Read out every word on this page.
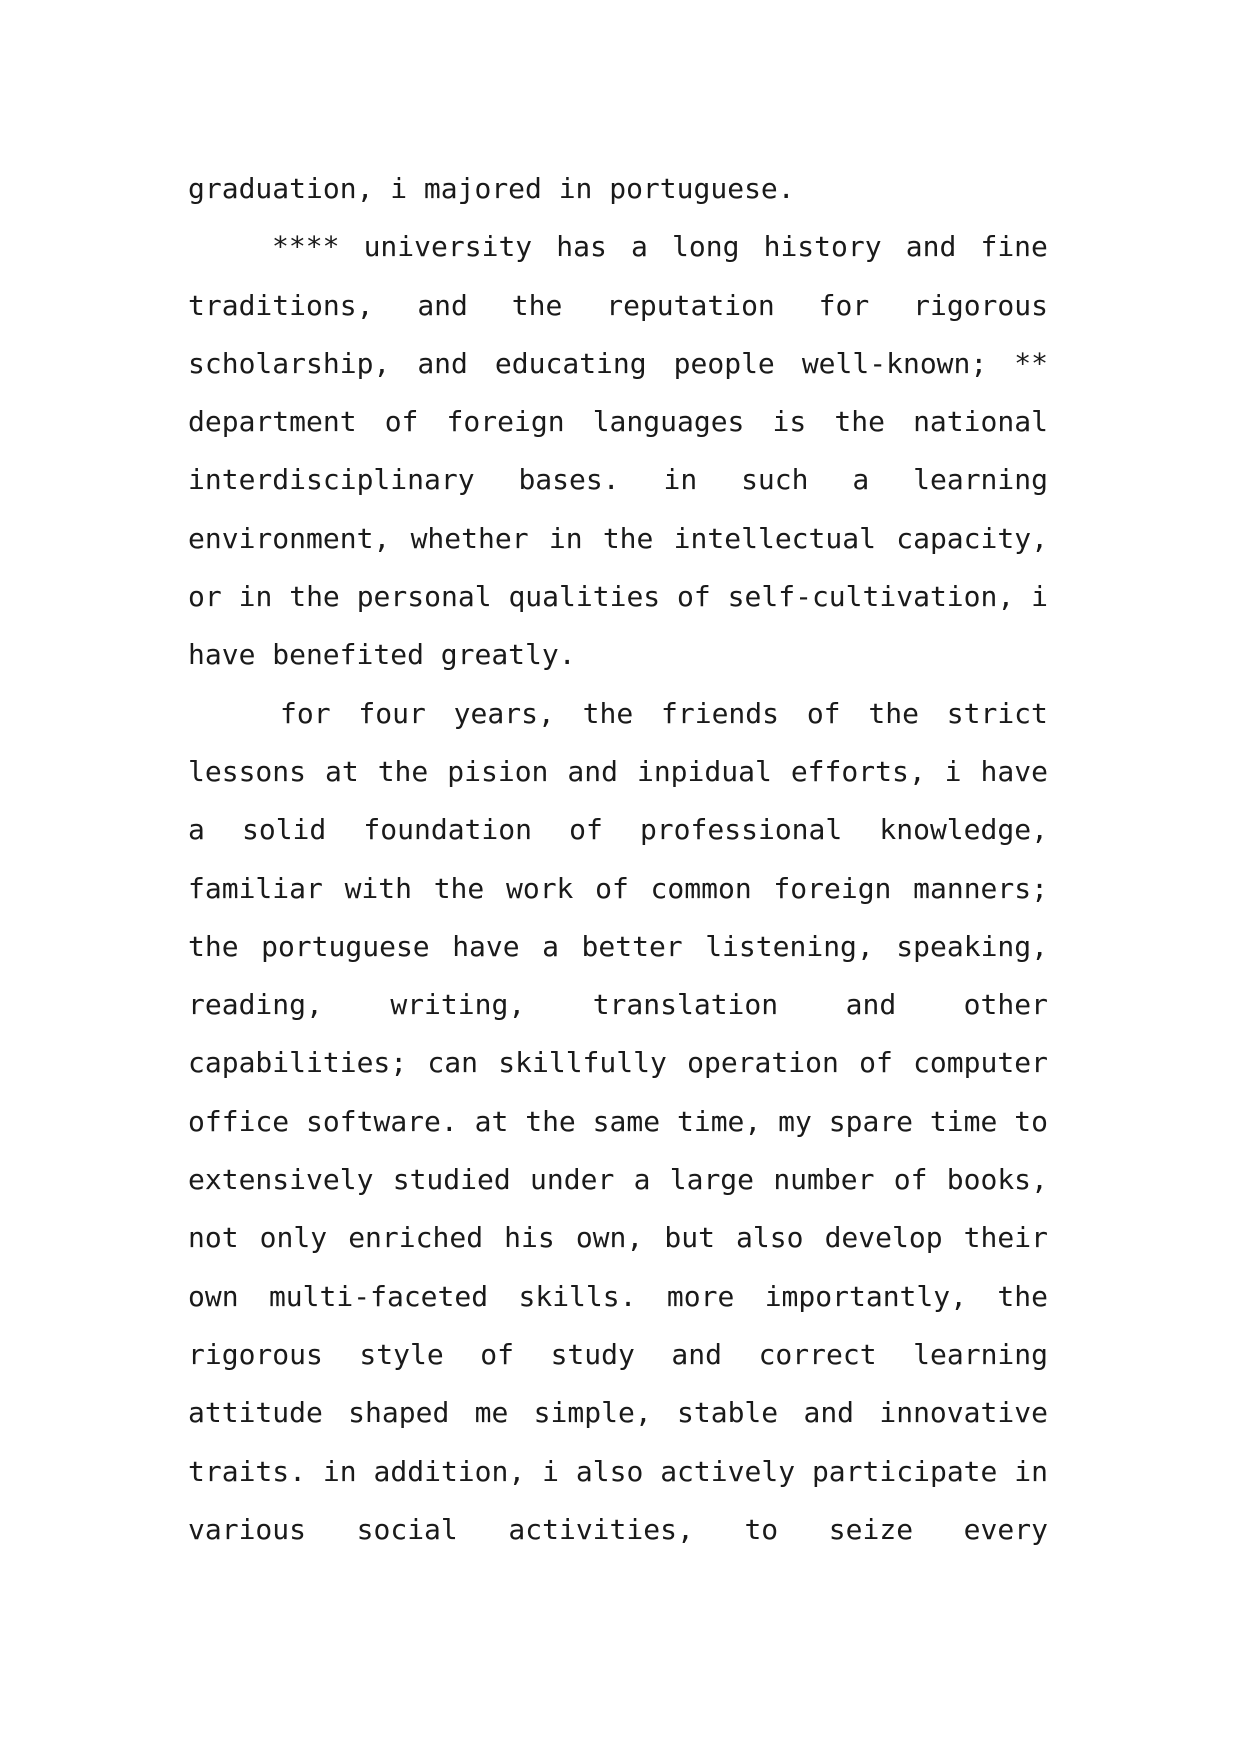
graduation, i majored in portuguese.
**** university has a long history and fine
traditions, and the reputation for rigorous
scholarship, and educating people well-known; **
department of foreign languages is the national
interdisciplinary bases. in such a learning
environment, whether in the intellectual capacity,
or in the personal qualities of self-cultivation, i
have benefited greatly.
for four years, the friends of the strict
lessons at the pision and inpidual efforts, i have
a solid foundation of professional knowledge,
familiar with the work of common foreign manners;
the portuguese have a better listening, speaking,
reading, writing, translation and other
capabilities; can skillfully operation of computer
office software. at the same time, my spare time to
extensively studied under a large number of books,
not only enriched his own, but also develop their
own multi-faceted skills. more importantly, the
rigorous style of study and correct learning
attitude shaped me simple, stable and innovative
traits. in addition, i also actively participate in
various social activities, to seize every
